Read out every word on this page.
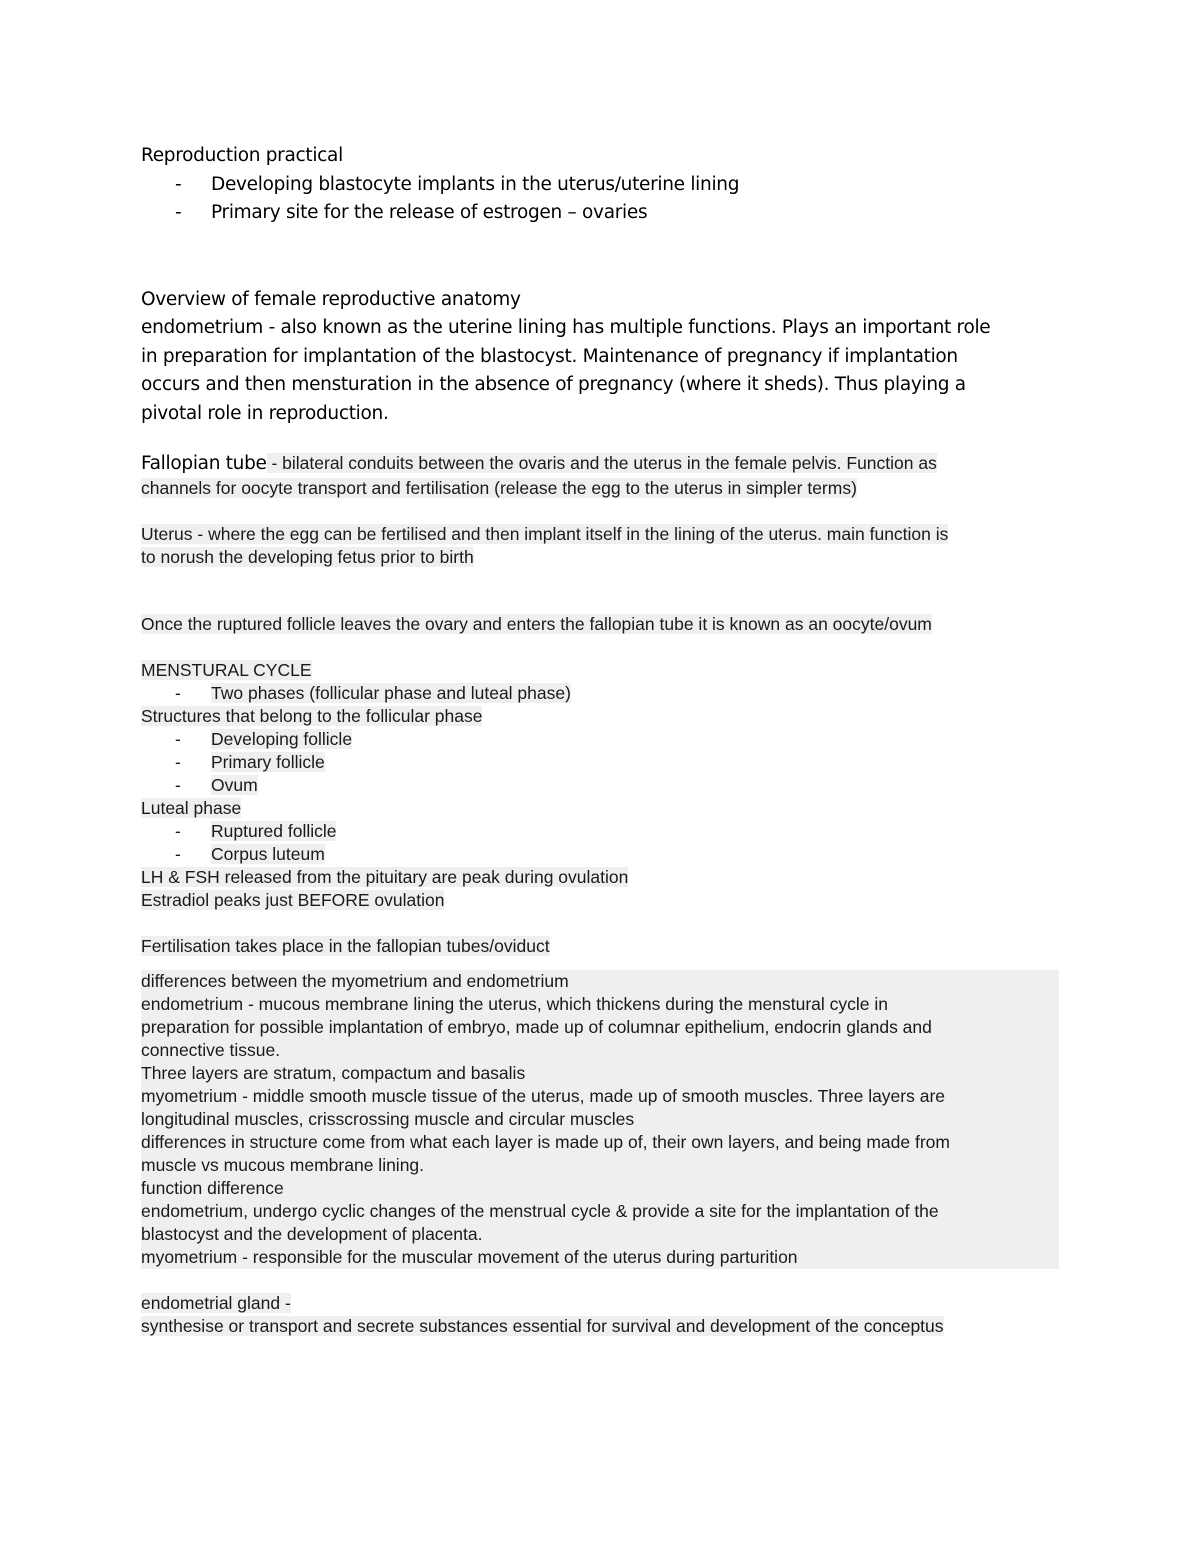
Reproduction practical
- Developing blastocyte implants in the uterus/uterine lining
- Primary site for the release of estrogen – ovaries
Overview of female reproductive anatomy
endometrium - also known as the uterine lining has multiple functions. Plays an important role
in preparation for implantation of the blastocyst. Maintenance of pregnancy if implantation
occurs and then mensturation in the absence of pregnancy (where it sheds). Thus playing a
pivotal role in reproduction.
Fallopian tube - bilateral conduits between the ovaris and the uterus in the female pelvis. Function as
channels for oocyte transport and fertilisation (release the egg to the uterus in simpler terms)
Uterus - where the egg can be fertilised and then implant itself in the lining of the uterus. main function is
to norush the developing fetus prior to birth
Once the ruptured follicle leaves the ovary and enters the fallopian tube it is known as an oocyte/ovum
MENSTURAL CYCLE
- Two phases (follicular phase and luteal phase)
Structures that belong to the follicular phase
- Developing follicle
- Primary follicle
- Ovum
Luteal phase
- Ruptured follicle
- Corpus luteum
LH & FSH released from the pituitary are peak during ovulation
Estradiol peaks just BEFORE ovulation
Fertilisation takes place in the fallopian tubes/oviduct
differences between the myometrium and endometrium
endometrium - mucous membrane lining the uterus, which thickens during the menstural cycle in
preparation for possible implantation of embryo, made up of columnar epithelium, endocrin glands and
connective tissue.
Three layers are stratum, compactum and basalis
myometrium - middle smooth muscle tissue of the uterus, made up of smooth muscles. Three layers are
longitudinal muscles, crisscrossing muscle and circular muscles
differences in structure come from what each layer is made up of, their own layers, and being made from
muscle vs mucous membrane lining.
function difference
endometrium, undergo cyclic changes of the menstrual cycle & provide a site for the implantation of the
blastocyst and the development of placenta.
myometrium - responsible for the muscular movement of the uterus during parturition
endometrial gland -
synthesise or transport and secrete substances essential for survival and development of the conceptus
